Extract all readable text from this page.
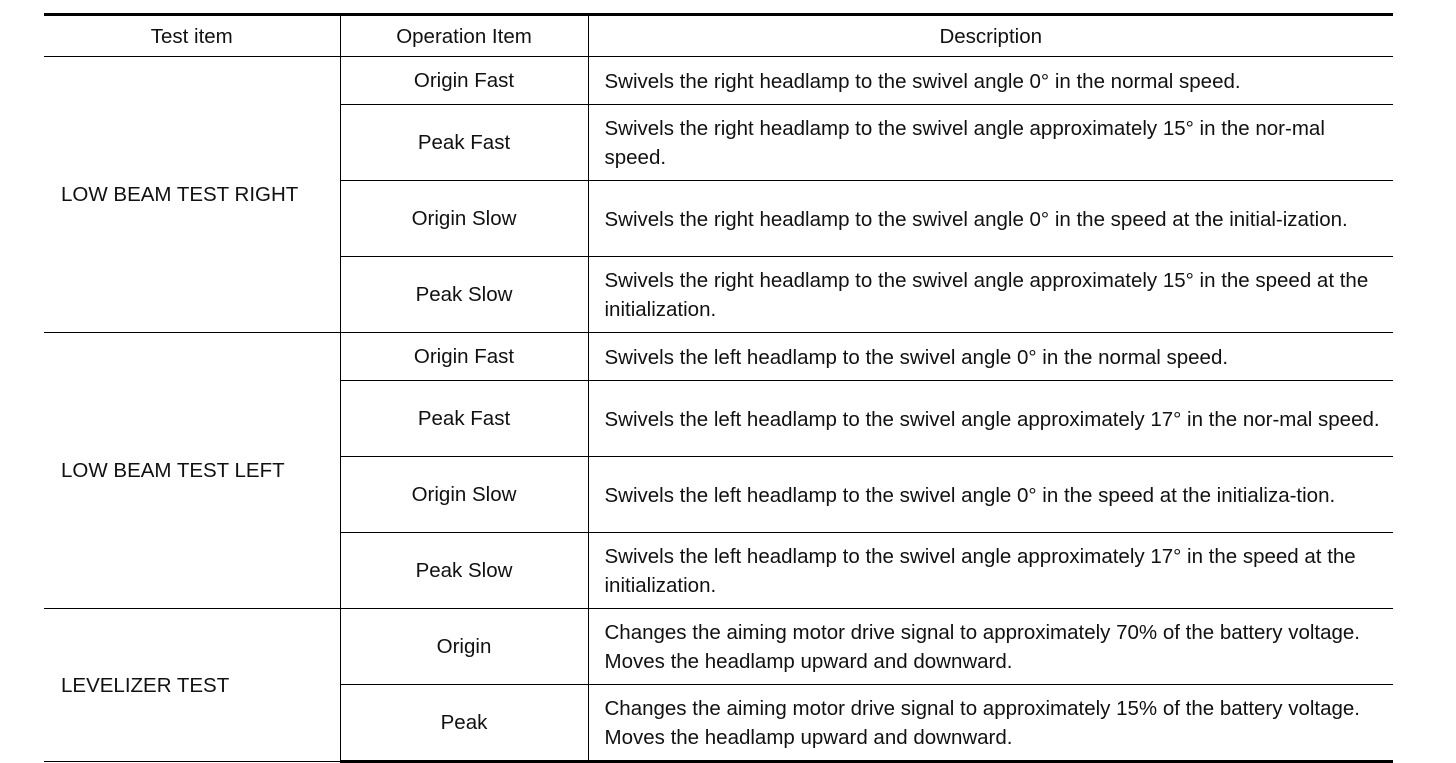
Test item	Operation Item	Description
LOW BEAM TEST RIGHT	Origin Fast	Swivels the right headlamp to the swivel angle 0° in the normal speed.
	Peak Fast	Swivels the right headlamp to the swivel angle approximately 15° in the nor-mal speed.
	Origin Slow	Swivels the right headlamp to the swivel angle 0° in the speed at the initial-ization.
	Peak Slow	Swivels the right headlamp to the swivel angle approximately 15° in the speed at the initialization.
LOW BEAM TEST LEFT	Origin Fast	Swivels the left headlamp to the swivel angle 0° in the normal speed.
	Peak Fast	Swivels the left headlamp to the swivel angle approximately 17° in the nor-mal speed.
	Origin Slow	Swivels the left headlamp to the swivel angle 0° in the speed at the initializa-tion.
	Peak Slow	Swivels the left headlamp to the swivel angle approximately 17° in the speed at the initialization.
LEVELIZER TEST	Origin	Changes the aiming motor drive signal to approximately 70% of the battery voltage. Moves the headlamp upward and downward.
	Peak	Changes the aiming motor drive signal to approximately 15% of the battery voltage. Moves the headlamp upward and downward.
